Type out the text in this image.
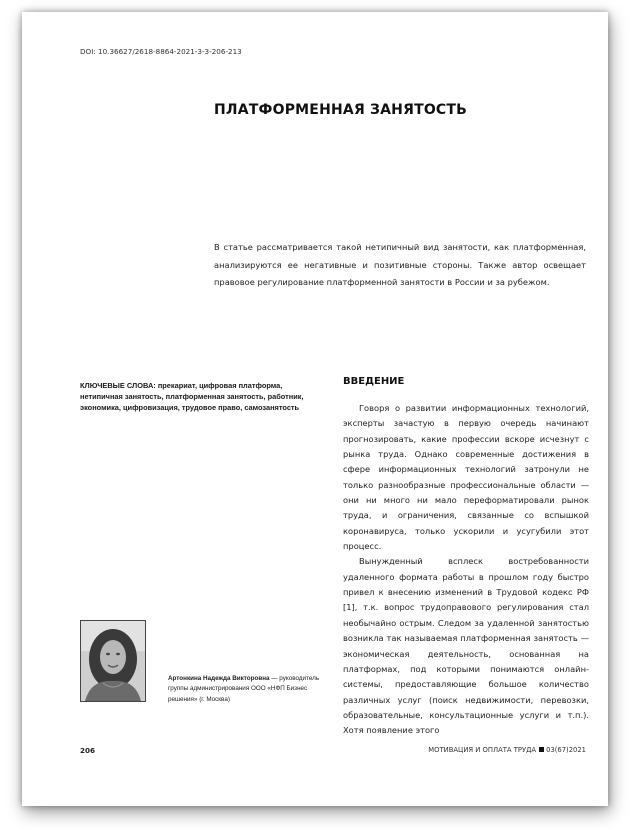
DOI: 10.36627/2618-8864-2021-3-3-206-213
ПЛАТФОРМЕННАЯ ЗАНЯТОСТЬ

В статье рассматривается такой нетипичный вид занятости, как платформенная, анализируются ее негативные и позитивные стороны. Также автор освещает правовое регулирование платформенной занятости в России и за рубежом.

КЛЮЧЕВЫЕ СЛОВА: прекариат, цифровая платформа, нетипичная занятость, платформенная занятость, работник, экономика, цифровизация, трудовое право, самозанятость

Артонкина Надежда Викторовна — руководитель группы администрирования ООО «НФП Бизнес решения» (г. Москва)

ВВЕДЕНИЕ

Говоря о развитии информационных технологий, эксперты зачастую в первую очередь начинают прогнозировать, какие профессии вскоре исчезнут с рынка труда. Однако современные достижения в сфере информационных технологий затронули не только разнообразные профессиональные области — они ни много ни мало переформатировали рынок труда, и ограничения, связанные со вспышкой коронавируса, только ускорили и усугубили этот процесс.

Вынужденный всплеск востребованности удаленного формата работы в прошлом году быстро привел к внесению изменений в Трудовой кодекс РФ [1], т.к. вопрос трудоправового регулирования стал необычайно острым. Следом за удаленной занятостью возникла так называемая платформенная занятость — экономическая деятельность, основанная на платформах, под которыми понимаются онлайн-системы, предоставляющие большое количество различных услуг (поиск недвижимости, перевозки, образовательные, консультационные услуги и т.п.). Хотя появление этого

206	МОТИВАЦИЯ И ОПЛАТА ТРУДА 03(67)2021
